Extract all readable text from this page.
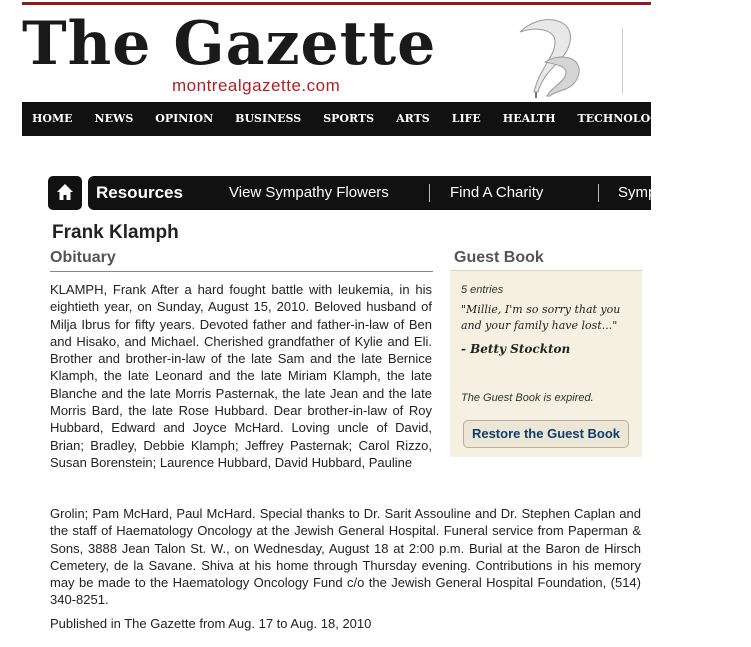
The Gazette
montrealgazette.com
HOME NEWS OPINION BUSINESS SPORTS ARTS LIFE HEALTH TECHNOLOGY TRAVEL
Resources	View Sympathy Flowers	Find A Charity	Symp
Frank Klamph
Obituary
KLAMPH, Frank After a hard fought battle with leukemia, in his eightieth year, on Sunday, August 15, 2010. Beloved husband of Milja Ibrus for fifty years. Devoted father and father-in-law of Ben and Hisako, and Michael. Cherished grandfather of Kylie and Eli. Brother and brother-in-law of the late Sam and the late Bernice Klamph, the late Leonard and the late Miriam Klamph, the late Blanche and the late Morris Pasternak, the late Jean and the late Morris Bard, the late Rose Hubbard. Dear brother-in-law of Roy Hubbard, Edward and Joyce McHard. Loving uncle of David, Brian; Bradley, Debbie Klamph; Jeffrey Pasternak; Carol Rizzo, Susan Borenstein; Laurence Hubbard, David Hubbard, Pauline
Grolin; Pam McHard, Paul McHard. Special thanks to Dr. Sarit Assouline and Dr. Stephen Caplan and the staff of Haematology Oncology at the Jewish General Hospital. Funeral service from Paperman & Sons, 3888 Jean Talon St. W., on Wednesday, August 18 at 2:00 p.m. Burial at the Baron de Hirsch Cemetery, de la Savane. Shiva at his home through Thursday evening. Contributions in his memory may be made to the Haematology Oncology Fund c/o the Jewish General Hospital Foundation, (514) 340-8251.
Published in The Gazette from Aug. 17 to Aug. 18, 2010
Guest Book
5 entries
"Millie, I'm so sorry that you and your family have lost..."
- Betty Stockton
The Guest Book is expired.
Restore the Guest Book
